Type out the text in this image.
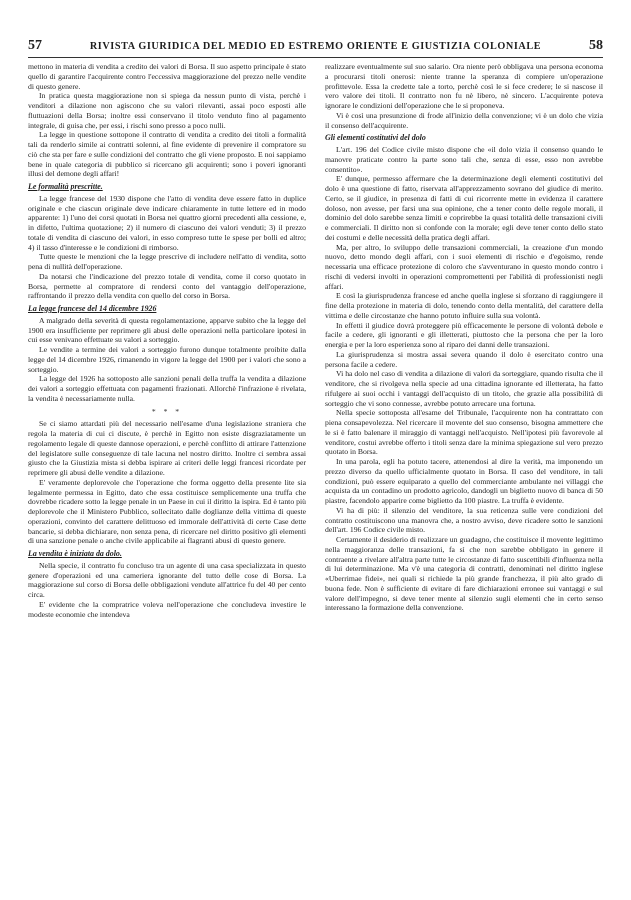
57	RIVISTA GIURIDICA DEL MEDIO ED ESTREMO ORIENTE E GIUSTIZIA COLONIALE	58

mettono in materia di vendita a credito dei valori di Borsa. Il suo aspetto principale è stato quello di garantire l'acquirente contro l'eccessiva maggiorazione del prezzo nelle vendite di questo genere.

In pratica questa maggiorazione non si spiega da nessun punto di vista, perchè i venditori a dilazione non agiscono che su valori rilevanti, assai poco esposti alle fluttuazioni della Borsa; inoltre essi conservano il titolo venduto fino al pagamento integrale, di guisa che, per essi, i rischi sono presso a poco nulli.

La legge in questione sottopone il contratto di vendita a credito dei titoli a formalità tali da renderlo simile ai contratti solenni, al fine evidente di prevenire il compratore su ciò che sta per fare e sulle condizioni del contratto che gli viene proposto. E noi sappiamo bene in quale categoria di pubblico si ricercano gli acquirenti; sono i poveri ignoranti illusi del demone degli affari!

Le formalità prescritte.

La legge francese del 1930 dispone che l'atto di vendita deve essere fatto in duplice originale e che ciascun originale deve indicare chiaramente in tutte lettere ed in modo apparente: 1) l'uno dei corsi quotati in Borsa nei quattro giorni precedenti alla cessione, e, in difetto, l'ultima quotazione; 2) il numero di ciascuno dei valori venduti; 3) il prezzo totale di vendita di ciascuno dei valori, in esso compreso tutte le spese per bolli ed altro; 4) il tasso d'interesse e le condizioni di rimborso.

Tutte queste le menzioni che la legge prescrive di includere nell'atto di vendita, sotto pena di nullità dell'operazione.

Da notarsi che l'indicazione del prezzo totale di vendita, come il corso quotato in Borsa, permette al compratore di rendersi conto del vantaggio dell'operazione, raffrontando il prezzo della vendita con quello del corso in Borsa.

La legge francese del 14 dicembre 1926

A malgrado della severità di questa regolamentazione, apparve subito che la legge del 1900 era insufficiente per reprimere gli abusi delle operazioni nella particolare ipotesi in cui esse venivano effettuate su valori a sorteggio.

Le vendite a termine dei valori a sorteggio furono dunque totalmente proibite dalla legge del 14 dicembre 1926, rimanendo in vigore la legge del 1900 per i valori che sono a sorteggio.

La legge del 1926 ha sottoposto alle sanzioni penali della truffa la vendita a dilazione dei valori a sorteggio effettuata con pagamenti frazionati. Allorchè l'infrazione è rivelata, la vendita è necessariamente nulla.

* * *

Se ci siamo attardati più del necessario nell'esame d'una legislazione straniera che regola la materia di cui ci discute, è perchè in Egitto non esiste disgraziatamente un regolamento legale di queste dannose operazioni, e perchè conflitto di attirare l'attenzione del legislatore sulle conseguenze di tale lacuna nel nostro diritto. Inoltre ci sembra assai giusto che la Giustizia mista si debba ispirare ai criteri delle leggi francesi ricordate per reprimere gli abusi delle vendite a dilazione.

E' veramente deplorevole che l'operazione che forma oggetto della presente lite sia legalmente permessa in Egitto, dato che essa costituisce semplicemente una truffa che dovrebbe ricadere sotto la legge penale in un Paese in cui il diritto la ispira. Ed è tanto più deplorevole che il Ministero Pubblico, sollecitato dalle doglianze della vittima di queste operazioni, convinto del carattere delittuoso ed immorale dell'attività di certe Case dette bancarie, si debba dichiarare, non senza pena, di ricercare nel diritto positivo gli elementi di una sanzione penale o anche civile applicabile ai flagranti abusi di questo genere.

La vendita è iniziata da dolo.

Nella specie, il contratto fu concluso tra un agente di una casa specializzata in questo genere d'operazioni ed una cameriera ignorante del tutto delle cose di Borsa. La maggiorazione sul corso di Borsa delle obbligazioni vendute all'attrice fu del 40 per cento circa.

E' evidente che la compratrice volevа nell'operazione che concludeva investire le modeste economie che intendeva

realizzare eventualmente sul suo salario. Ora niente però obbligava una persona economa a procurarsi titoli onerosi: niente tranne la speranza di compiere un'operazione profittevole. Essa la credette tale a torto, perchè così le si fece credere; le si nascose il vero valore dei titoli. Il contratto non fu nè libero, nè sincero. L'acquirente poteva ignorare le condizioni dell'operazione che le si proponeva.

Vi è così una presunzione di frode all'inizio della convenzione; vi è un dolo che vizia il consenso dell'acquirente.

Gli elementi costitutivi del dolo

L'art. 196 del Codice civile misto dispone che «il dolo vizia il consenso quando le manovre praticate contro la parte sono tali che, senza di esse, esso non avrebbe consentito».

E' dunque, permesso affermare che la determinazione degli elementi costitutivi del dolo è una questione di fatto, riservata all'apprezzamento sovrano del giudice di merito. Certo, se il giudice, in presenza di fatti di cui ricorrente mette in evidenza il carattere doloso, non avesse, per farsi una sua opinione, che a tener conto delle regole morali, il dominio del dolo sarebbe senza limiti e coprirebbe la quasi totalità delle transazioni civili e commerciali. Il diritto non si confonde con la morale; egli deve tener conto dello stato dei costumi e delle necessità della pratica degli affari.

Ma, per altro, lo sviluppo delle transazioni commerciali, la creazione d'un mondo nuovo, detto mondo degli affari, con i suoi elementi di rischio e d'egoismo, rende necessaria una efficace protezione di coloro che s'avventurano in questo mondo contro i rischi di vedersi involti in operazioni compromettenti per l'abilità di professionisti negli affari.

E così la giurisprudenza francese ed anche quella inglese si sforzano di raggiungere il fine della protezione in materia di dolo, tenendo conto della mentalità, del carattere della vittima e delle circostanze che hanno potuto influire sulla sua volontà.

In effetti il giudice dovrà proteggere più efficacemente le persone di volontà debole e facile a cedere, gli ignoranti e gli illetterati, piuttosto che la persona che per la loro energia e per la loro esperienza sono al riparo dei danni delle transazioni.

La giurisprudenza si mostra assai severa quando il dolo è esercitato contro una persona facile a cedere.

Vi ha dolo nel caso di vendita a dilazione di valori da sorteggiare, quando risulta che il venditore, che si rivolgeva nella specie ad una cittadina ignorante ed illetterata, ha fatto rifulgere ai suoi occhi i vantaggi dell'acquisto di un titolo, che grazie alla possibilità di sorteggio che vi sono connesse, avrebbe potuto arrecare una fortuna.

Nella specie sottoposta all'esame del Tribunale, l'acquirente non ha contrattato con piena consapevolezza. Nel ricercare il movente del suo consenso, bisogna ammettere che le si è fatto balenare il miraggio di vantaggi nell'acquisto. Nell'ipotesi più favorevole al venditore, costui avrebbe offerto i titoli senza dare la minima spiegazione sul vero prezzo quotato in Borsa.

In una parola, egli ha potuto tacere, attenendosi al dire la verità, ma imponendo un prezzo diverso da quello ufficialmente quotato in Borsa. Il caso del venditore, in tali condizioni, può essere equiparato a quello del commerciante ambulante nei villaggi che acquista da un contadino un prodotto agricolo, dandogli un biglietto nuovo di banca di 50 piastre, facendolo apparire come biglietto da 100 piastre. La truffa è evidente.

Vi ha di più: il silenzio del venditore, la sua reticenza sulle vere condizioni del contratto costituiscono una manovra che, a nostro avviso, deve ricadere sotto le sanzioni dell'art. 196 Codice civile misto.

Certamente il desiderio di realizzare un guadagno, che costituisce il movente legittimo nella maggioranza delle transazioni, fa sì che non sarebbe obbligato in genere il contraente a rivelare all'altra parte tutte le circostanze di fatto suscettibili d'influenza nella di lui determinazione. Ma v'è una categoria di contratti, denominati nel diritto inglese «Uberrimae fidei», nei quali si richiede la più grande franchezza, il più alto grado di buona fede. Non è sufficiente di evitare di fare dichiarazioni erronee sui vantaggi e sul valore dell'impegno, si deve tener mente al silenzio sugli elementi che in certo senso interessano la formazione della convenzione.
